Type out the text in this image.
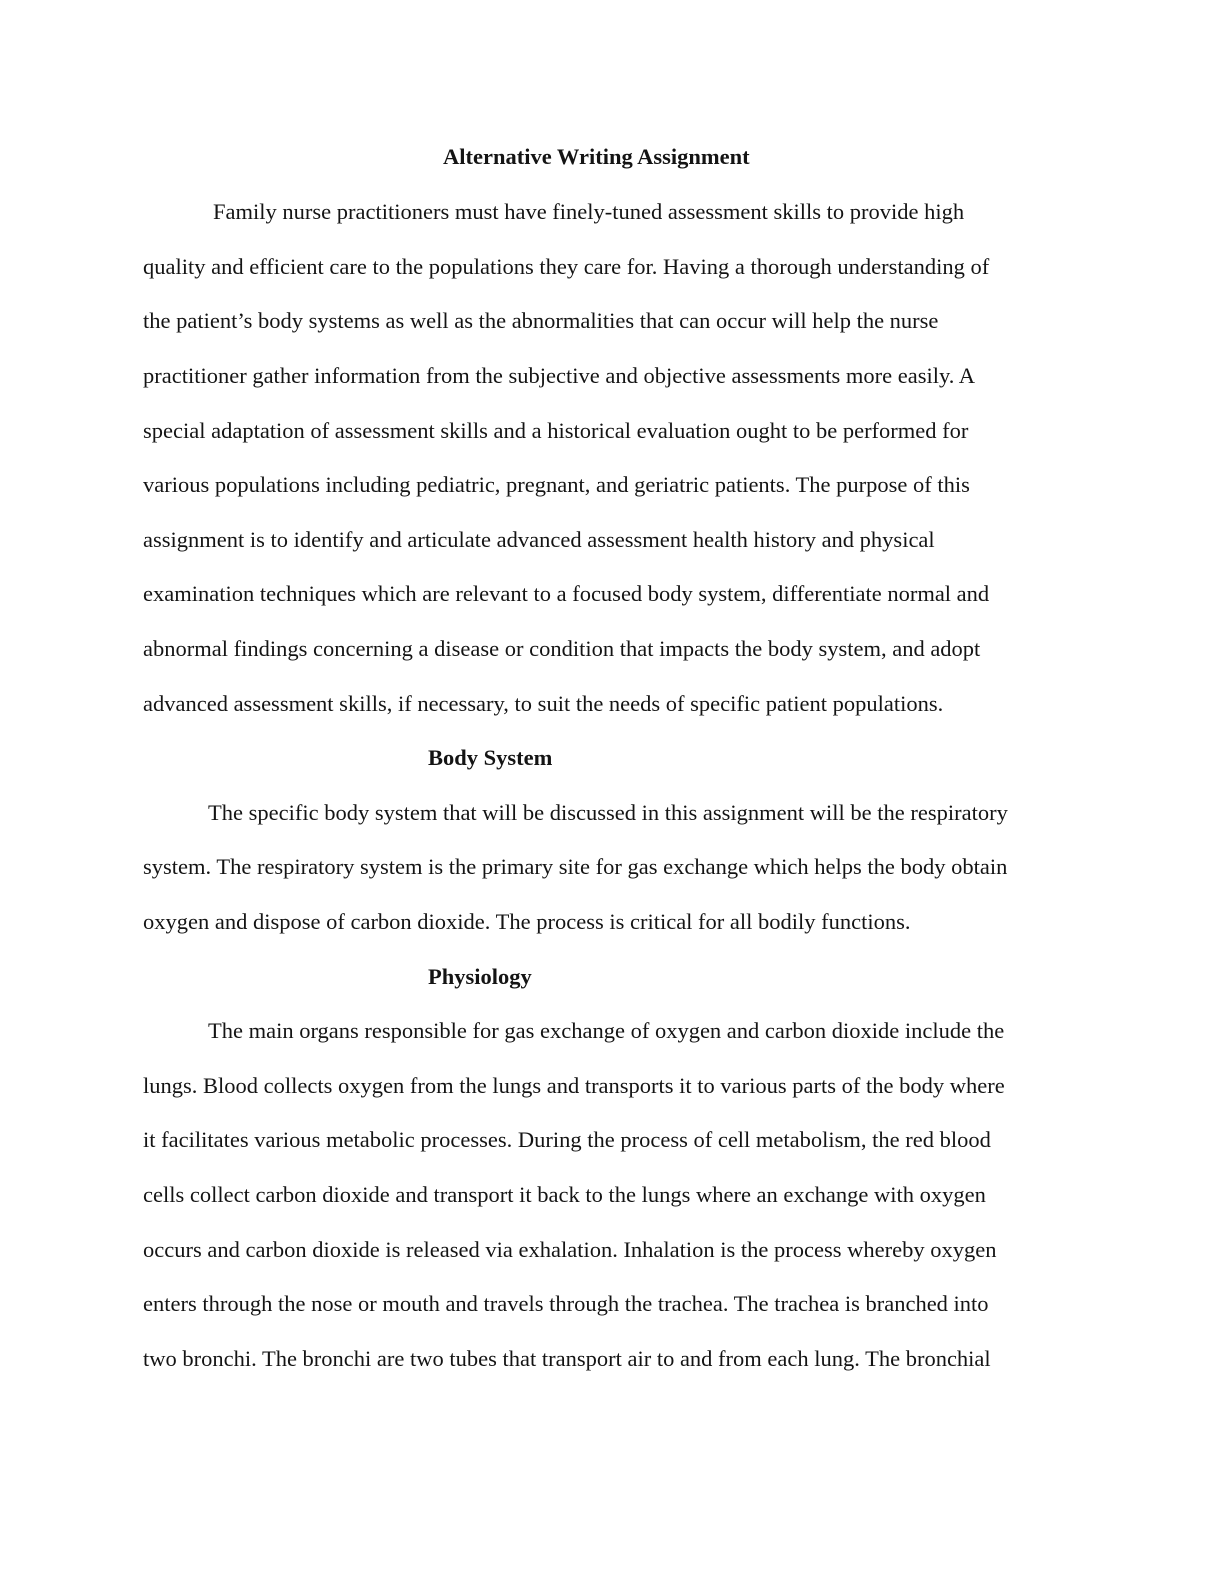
Alternative Writing Assignment
Family nurse practitioners must have finely-tuned assessment skills to provide high
quality and efficient care to the populations they care for. Having a thorough understanding of
the patient’s body systems as well as the abnormalities that can occur will help the nurse
practitioner gather information from the subjective and objective assessments more easily. A
special adaptation of assessment skills and a historical evaluation ought to be performed for
various populations including pediatric, pregnant, and geriatric patients. The purpose of this
assignment is to identify and articulate advanced assessment health history and physical
examination techniques which are relevant to a focused body system, differentiate normal and
abnormal findings concerning a disease or condition that impacts the body system, and adopt
advanced assessment skills, if necessary, to suit the needs of specific patient populations.
Body System
The specific body system that will be discussed in this assignment will be the respiratory
system. The respiratory system is the primary site for gas exchange which helps the body obtain
oxygen and dispose of carbon dioxide. The process is critical for all bodily functions.
Physiology
The main organs responsible for gas exchange of oxygen and carbon dioxide include the
lungs. Blood collects oxygen from the lungs and transports it to various parts of the body where
it facilitates various metabolic processes. During the process of cell metabolism, the red blood
cells collect carbon dioxide and transport it back to the lungs where an exchange with oxygen
occurs and carbon dioxide is released via exhalation. Inhalation is the process whereby oxygen
enters through the nose or mouth and travels through the trachea. The trachea is branched into
two bronchi. The bronchi are two tubes that transport air to and from each lung. The bronchial
